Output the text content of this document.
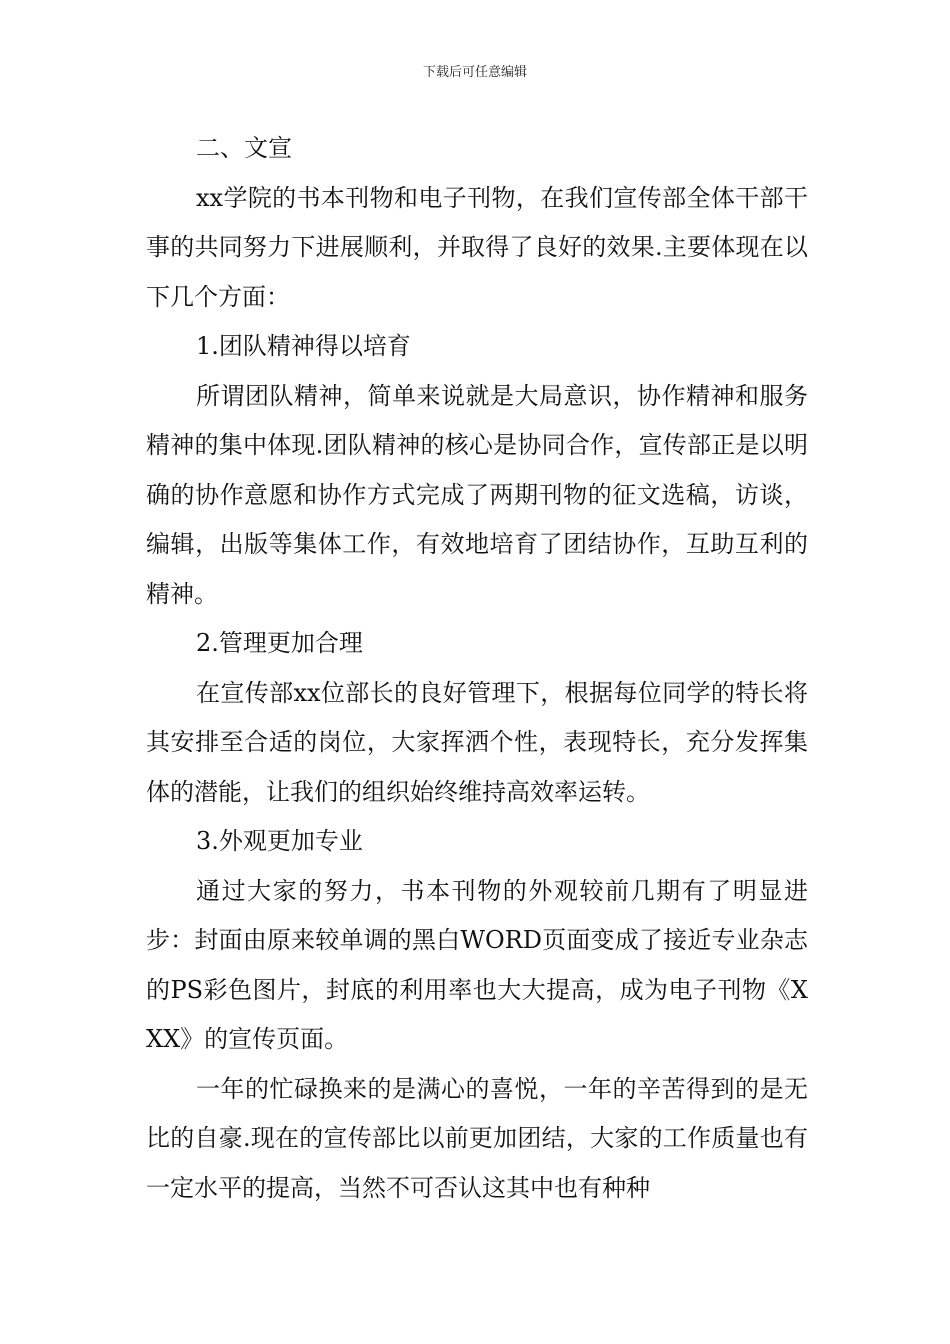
下载后可任意编辑

二、文宣

xx学院的书本刊物和电子刊物，在我们宣传部全体干部干事的共同努力下进展顺利，并取得了良好的效果.主要体现在以下几个方面：

1.团队精神得以培育

所谓团队精神，简单来说就是大局意识，协作精神和服务精神的集中体现.团队精神的核心是协同合作，宣传部正是以明确的协作意愿和协作方式完成了两期刊物的征文选稿，访谈，编辑，出版等集体工作，有效地培育了团结协作，互助互利的精神。

2.管理更加合理

在宣传部xx位部长的良好管理下，根据每位同学的特长将其安排至合适的岗位，大家挥洒个性，表现特长，充分发挥集体的潜能，让我们的组织始终维持高效率运转。

3.外观更加专业

通过大家的努力，书本刊物的外观较前几期有了明显进步：封面由原来较单调的黑白WORD页面变成了接近专业杂志的PS彩色图片，封底的利用率也大大提高，成为电子刊物《XXX》的宣传页面。

一年的忙碌换来的是满心的喜悦，一年的辛苦得到的是无比的自豪.现在的宣传部比以前更加团结，大家的工作质量也有一定水平的提高，当然不可否认这其中也有种种
